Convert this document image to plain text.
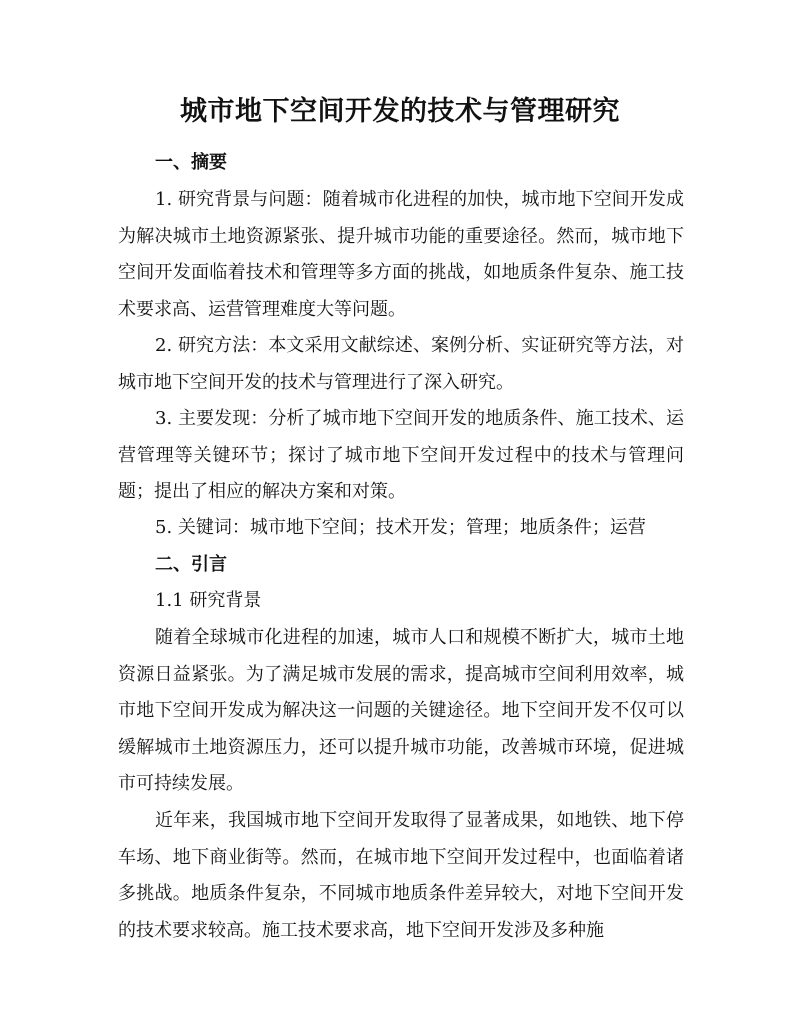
城市地下空间开发的技术与管理研究
一、摘要
1. 研究背景与问题：随着城市化进程的加快，城市地下空间开发成为解决城市土地资源紧张、提升城市功能的重要途径。然而，城市地下空间开发面临着技术和管理等多方面的挑战，如地质条件复杂、施工技术要求高、运营管理难度大等问题。
2. 研究方法：本文采用文献综述、案例分析、实证研究等方法，对城市地下空间开发的技术与管理进行了深入研究。
3. 主要发现：分析了城市地下空间开发的地质条件、施工技术、运营管理等关键环节；探讨了城市地下空间开发过程中的技术与管理问题；提出了相应的解决方案和对策。
5. 关键词：城市地下空间；技术开发；管理；地质条件；运营
二、引言
1.1 研究背景
随着全球城市化进程的加速，城市人口和规模不断扩大，城市土地资源日益紧张。为了满足城市发展的需求，提高城市空间利用效率，城市地下空间开发成为解决这一问题的关键途径。地下空间开发不仅可以缓解城市土地资源压力，还可以提升城市功能，改善城市环境，促进城市可持续发展。
近年来，我国城市地下空间开发取得了显著成果，如地铁、地下停车场、地下商业街等。然而，在城市地下空间开发过程中，也面临着诸多挑战。地质条件复杂，不同城市地质条件差异较大，对地下空间开发的技术要求较高。施工技术要求高，地下空间开发涉及多种施
